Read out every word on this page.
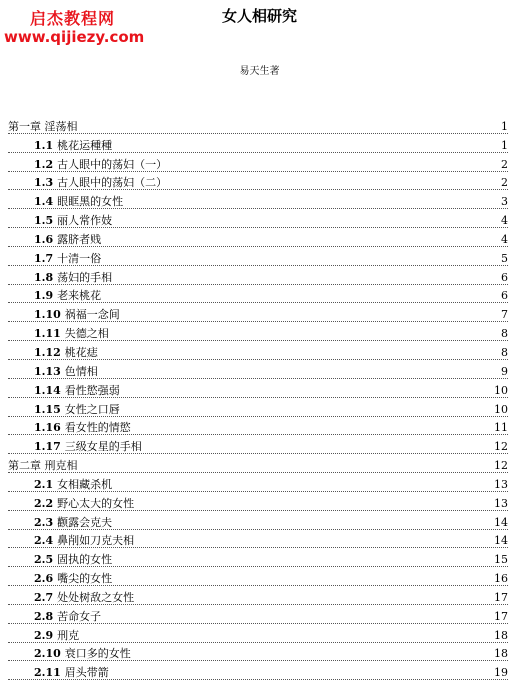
启杰教程网
www.qijiezy.com
女人相研究
易天生著
第一章 淫荡相	1
1.1 桃花运種種	1
1.2 古人眼中的荡妇（一）	2
1.3 古人眼中的荡妇（二）	2
1.4 眼眶黑的女性	3
1.5 丽人常作妓	4
1.6 露脐者贱	4
1.7 十清一俗	5
1.8 荡妇的手相	6
1.9 老来桃花	6
1.10 祸福一念间	7
1.11 失德之相	8
1.12 桃花痣	8
1.13 色情相	9
1.14 看性慾强弱	10
1.15 女性之口唇	10
1.16 看女性的情慾	11
1.17 三级女星的手相	12
第二章 刑克相	12
2.1 女相藏杀机	13
2.2 野心太大的女性	13
2.3 颧露会克夫	14
2.4 鼻削如刀克夫相	14
2.5 固执的女性	15
2.6 嘴尖的女性	16
2.7 处处树敌之女性	17
2.8 苦命女子	17
2.9 刑克	18
2.10 衰口多的女性	18
2.11 眉头带箭	19
